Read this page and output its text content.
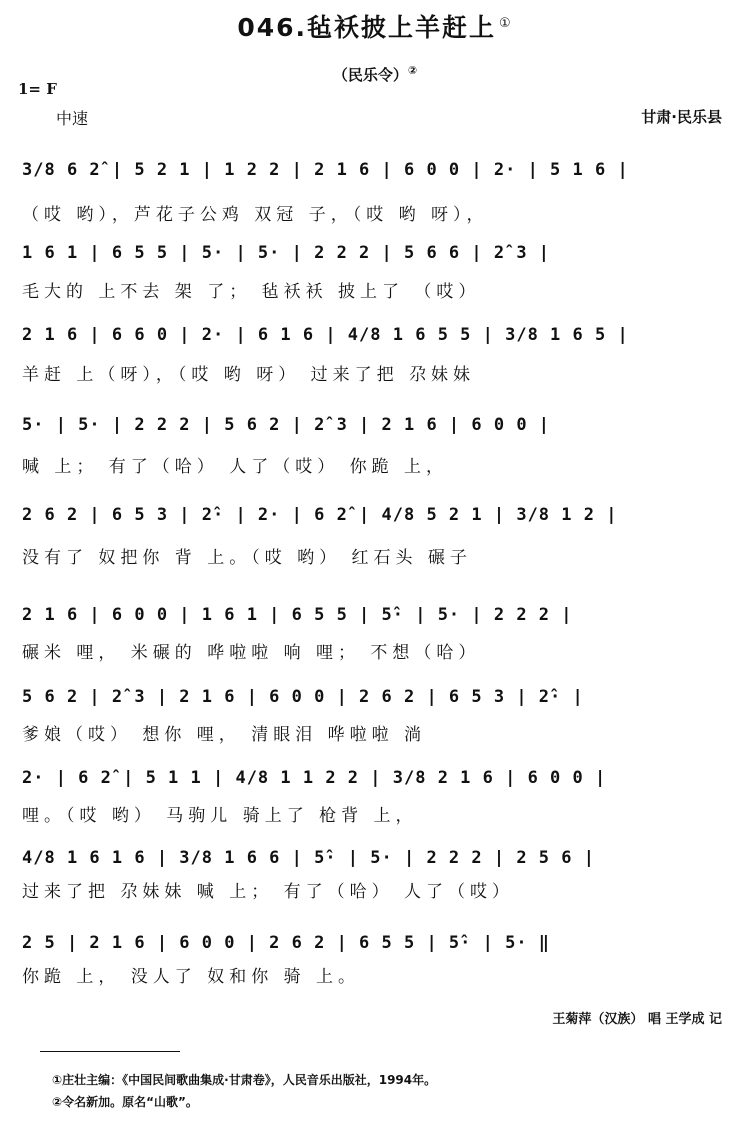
046.毡袄披上羊赶上 ①
（民乐令）②
1= F
中速	甘肃·民乐县
3/8 6 2̂ | 5 2 1 | 1 2 2 | 2 1 6 | 6 0 0 | 2· | 5 1 6 |
（哎 哟），芦花子公鸡 双冠 子，（哎 哟 呀），
1 6 1 | 6 5 5 | 5· | 5· | 2 2 2 | 5 6 6 | 2̂ 3 |
毛大的 上不去 架 了； 毡袄袄 披上了 （哎）
2 1 6 | 6 6 0 | 2· | 6 1 6 | 4/8 1 6 5 5 | 3/8 1 6 5 |
羊赶 上（呀），（哎 哟 呀） 过来了把 尕妹妹
5· | 5· | 2 2 2 | 5 6 2 | 2̂ 3 | 2 1 6 | 6 0 0 |
喊 上； 有了（哈） 人了（哎） 你跪 上，
2 6 2 | 6 5 3 | 2̂· | 2· | 6 2̂ | 4/8 5 2 1 | 3/8 1 2 |
没有了 奴把你 背 上。（哎 哟） 红石头 碾子
2 1 6 | 6 0 0 | 1 6 1 | 6 5 5 | 5̂· | 5· | 2 2 2 |
碾米 哩， 米碾的 哗啦啦 响 哩； 不想（哈）
5 6 2 | 2̂ 3 | 2 1 6 | 6 0 0 | 2 6 2 | 6 5 3 | 2̂· |
爹娘（哎） 想你 哩， 清眼泪 哗啦啦 淌
2· | 6 2̂ | 5 1 1 | 4/8 1 1 2 2 | 3/8 2 1 6 | 6 0 0 |
哩。（哎 哟） 马驹儿 骑上了 枪背 上，
4/8 1 6 1 6 | 3/8 1 6 6 | 5̂· | 5· | 2 2 2 | 2 5 6 |
过来了把 尕妹妹 喊 上； 有了（哈） 人了（哎）
2 5 | 2 1 6 | 6 0 0 | 2 6 2 | 6 5 5 | 5̂· | 5· ‖
你跪 上， 没人了 奴和你 骑 上。
王菊萍（汉族） 唱 王学成 记
①庄壮主编：《中国民间歌曲集成·甘肃卷》，人民音乐出版社，1994年。
②令名新加。原名“山歌”。
